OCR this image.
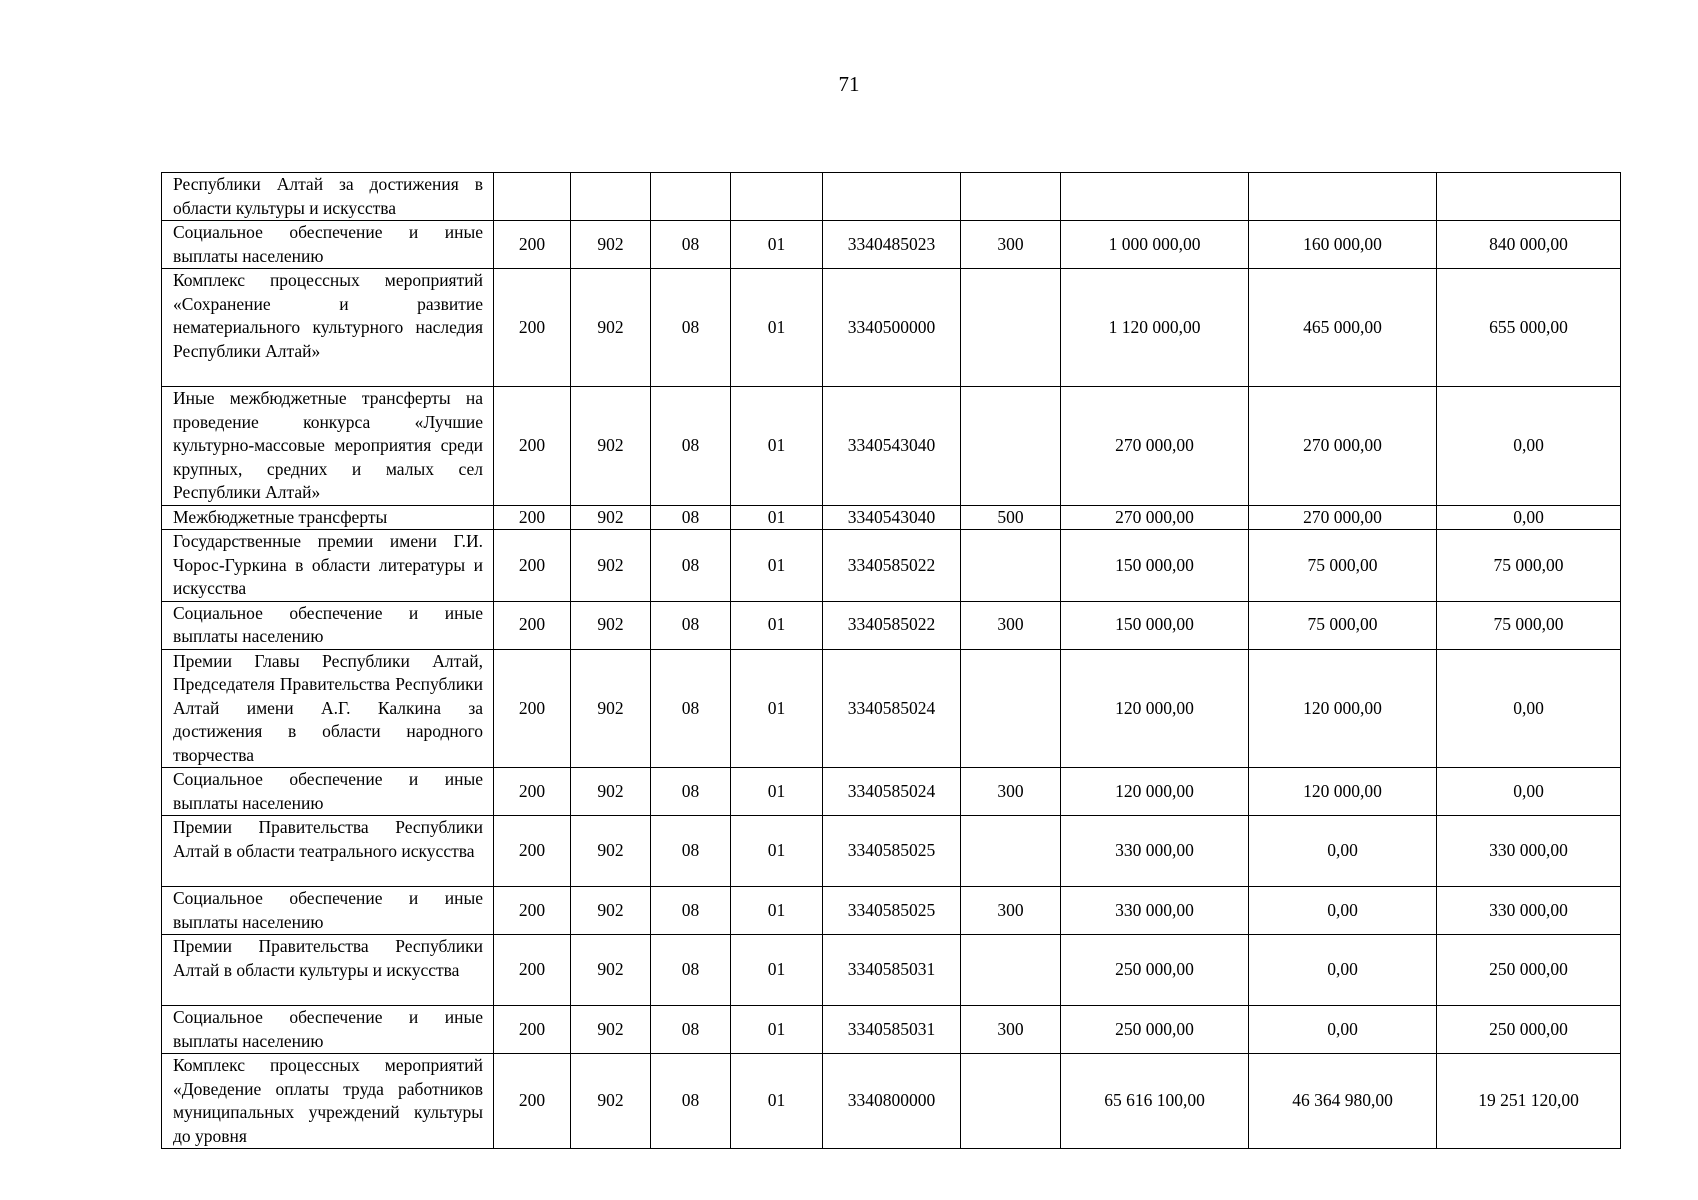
71
Республики Алтай за достижения в области культуры и искусства									
Социальное обеспечение и иные выплаты населению	200	902	08	01	3340485023	300	1 000 000,00	160 000,00	840 000,00
Комплекс процессных мероприятий «Сохранение и развитие нематериального культурного наследия Республики Алтай»	200	902	08	01	3340500000		1 120 000,00	465 000,00	655 000,00
Иные межбюджетные трансферты на проведение конкурса «Лучшие культурно-массовые мероприятия среди крупных, средних и малых сел Республики Алтай»	200	902	08	01	3340543040		270 000,00	270 000,00	0,00
Межбюджетные трансферты	200	902	08	01	3340543040	500	270 000,00	270 000,00	0,00
Государственные премии имени Г.И. Чорос-Гуркина в области литературы и искусства	200	902	08	01	3340585022		150 000,00	75 000,00	75 000,00
Социальное обеспечение и иные выплаты населению	200	902	08	01	3340585022	300	150 000,00	75 000,00	75 000,00
Премии Главы Республики Алтай, Председателя Правительства Республики Алтай имени А.Г. Калкина за достижения в области народного творчества	200	902	08	01	3340585024		120 000,00	120 000,00	0,00
Социальное обеспечение и иные выплаты населению	200	902	08	01	3340585024	300	120 000,00	120 000,00	0,00
Премии Правительства Республики Алтай в области театрального искусства	200	902	08	01	3340585025		330 000,00	0,00	330 000,00
Социальное обеспечение и иные выплаты населению	200	902	08	01	3340585025	300	330 000,00	0,00	330 000,00
Премии Правительства Республики Алтай в области культуры и искусства	200	902	08	01	3340585031		250 000,00	0,00	250 000,00
Социальное обеспечение и иные выплаты населению	200	902	08	01	3340585031	300	250 000,00	0,00	250 000,00
Комплекс процессных мероприятий «Доведение оплаты труда работников муниципальных учреждений культуры до уровня	200	902	08	01	3340800000		65 616 100,00	46 364 980,00	19 251 120,00
